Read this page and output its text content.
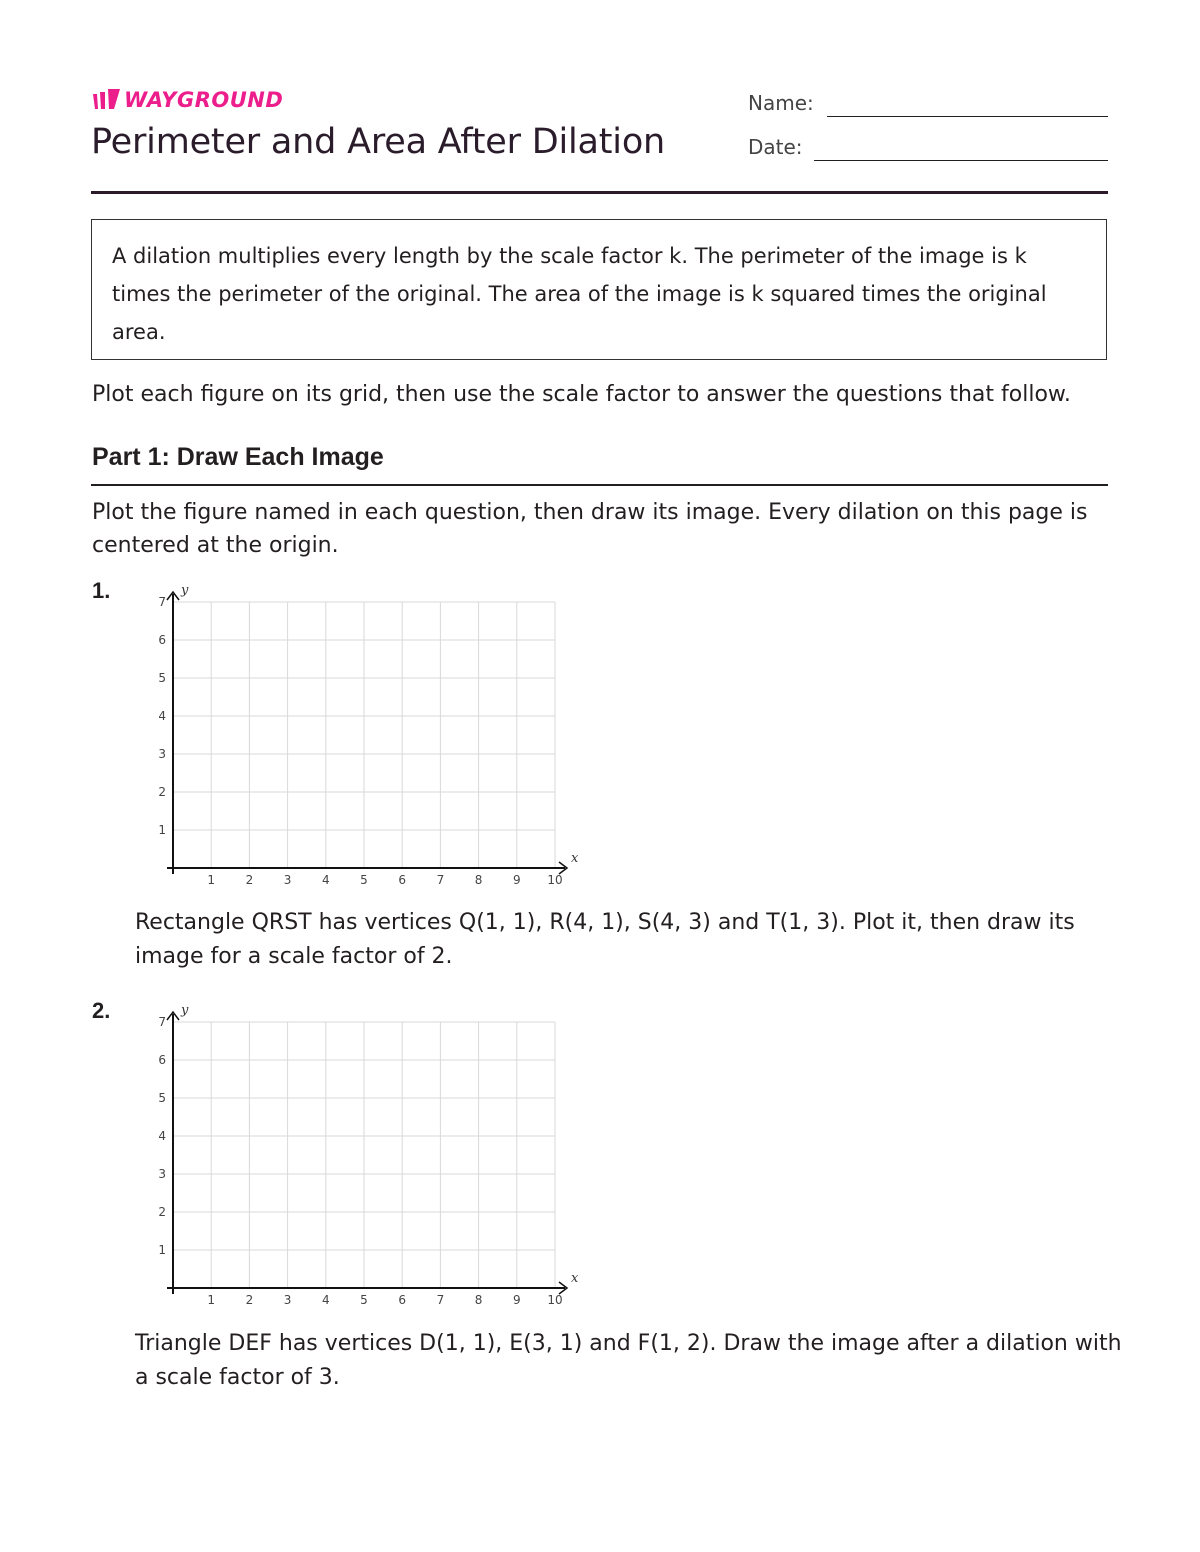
WAYGROUND
Perimeter and Area After Dilation
Name:
Date:

A dilation multiplies every length by the scale factor k. The perimeter of the image is k times the perimeter of the original. The area of the image is k squared times the original area.

Plot each figure on its grid, then use the scale factor to answer the questions that follow.

Part 1: Draw Each Image

Plot the figure named in each question, then draw its image. Every dilation on this page is centered at the origin.

1.
1	2	3	4	5	6	7	8	9 10
1
2
3
4
5
6
7
x
y

Rectangle QRST has vertices Q(1, 1), R(4, 1), S(4, 3) and T(1, 3). Plot it, then draw its image for a scale factor of 2.

2.
1	2	3	4	5	6	7	8	9 10
1
2
3
4
5
6
7
x
y

Triangle DEF has vertices D(1, 1), E(3, 1) and F(1, 2). Draw the image after a dilation with a scale factor of 3.
